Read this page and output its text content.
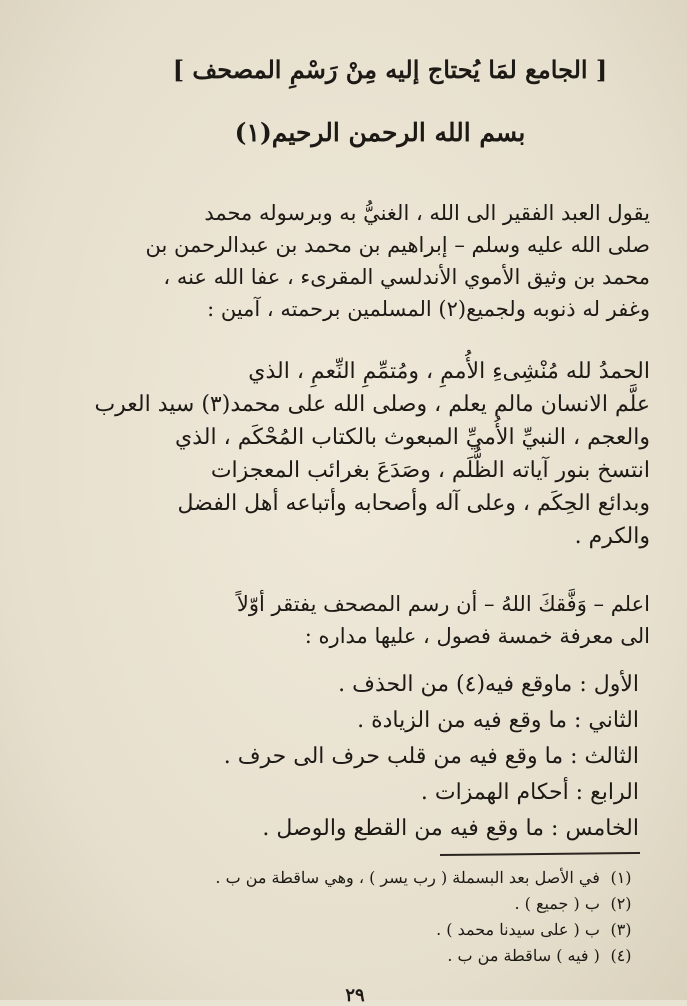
[ الجامع لمَا يُحتاج إليه مِنْ رَسْمِ المصحف ]
بسم الله الرحمن الرحيم(١)
يقول العبد الفقير الى الله ، الغنيُّ به وبرسوله محمد
صلى الله عليه وسلم – إبراهيم بن محمد بن عبدالرحمن بن
محمد بن وثيق الأموي الأندلسي المقرىء ، عفا الله عنه ،
وغفر له ذنوبه ولجميع(٢) المسلمين برحمته ، آمين :
الحمدُ لله مُنْشِىءِ الأُممِ ، ومُتمِّمِ النِّعمِ ، الذي
علَّم الانسان مالم يعلم ، وصلى الله على محمد(٣) سيد العرب
والعجم ، النبيِّ الأُميِّ المبعوث بالكتاب المُحْكَم ، الذي
انتسخ بنور آياته الظُّلَم ، وصَدَعَ بغرائب المعجزات
وبدائع الحِكَم ، وعلى آله وأصحابه وأتباعه أهل الفضل
والكرم .
اعلم – وَفَّقكَ اللهُ – أن رسم المصحف يفتقر أوّلاً
الى معرفة خمسة فصول ، عليها مداره :
الأول : ماوقع فيه(٤) من الحذف .
الثاني : ما وقع فيه من الزيادة .
الثالث : ما وقع فيه من قلب حرف الى حرف .
الرابع : أحكام الهمزات .
الخامس : ما وقع فيه من القطع والوصل .
(١) في الأصل بعد البسملة ( رب يسر ) ، وهي ساقطة من ب .
(٢) ب ( جميع ) .
(٣) ب ( على سيدنا محمد ) .
(٤) ( فيه ) ساقطة من ب .
٢٩
